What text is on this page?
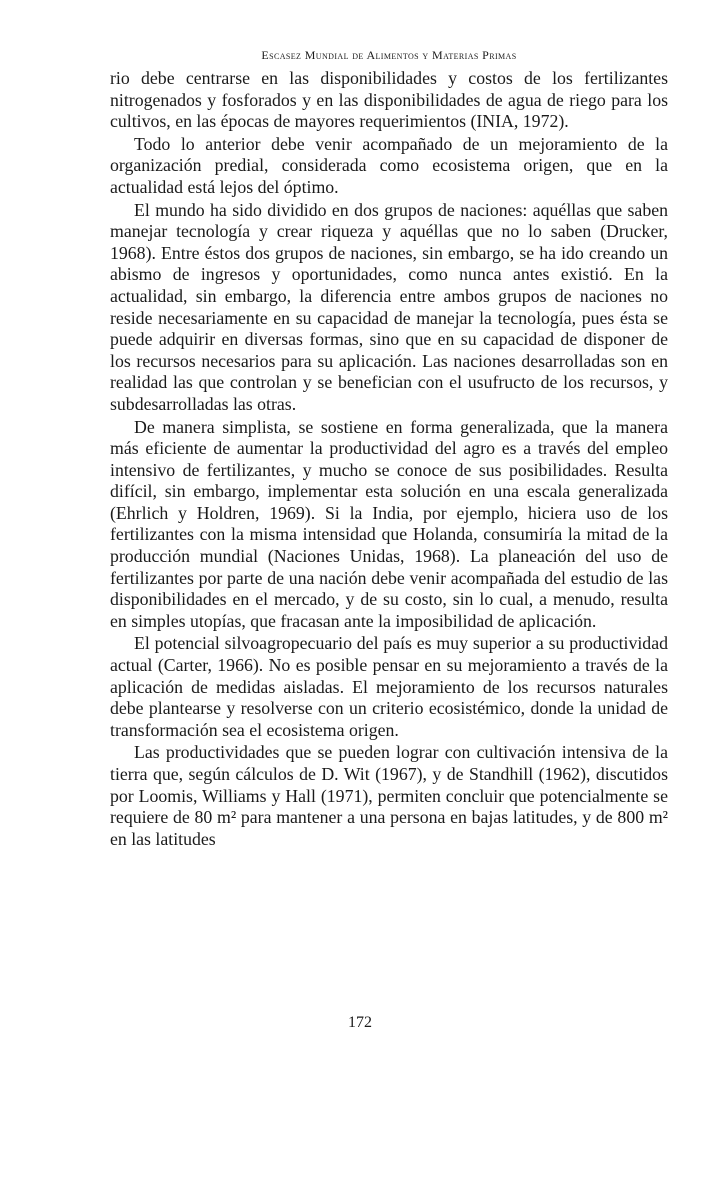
Escasez Mundial de Alimentos y Materias Primas

rio debe centrarse en las disponibilidades y costos de los fertilizantes nitrogenados y fosforados y en las disponibilidades de agua de riego para los cultivos, en las épocas de mayores requerimientos (INIA, 1972).

Todo lo anterior debe venir acompañado de un mejoramiento de la organización predial, considerada como ecosistema origen, que en la actualidad está lejos del óptimo.

El mundo ha sido dividido en dos grupos de naciones: aquéllas que saben manejar tecnología y crear riqueza y aquéllas que no lo saben (Drucker, 1968). Entre éstos dos grupos de naciones, sin embargo, se ha ido creando un abismo de ingresos y oportunidades, como nunca antes existió. En la actualidad, sin embargo, la diferencia entre ambos grupos de naciones no reside necesariamente en su capacidad de manejar la tecnología, pues ésta se puede adquirir en diversas formas, sino que en su capacidad de disponer de los recursos necesarios para su aplicación. Las naciones desarrolladas son en realidad las que controlan y se benefician con el usufructo de los recursos, y subdesarrolladas las otras.

De manera simplista, se sostiene en forma generalizada, que la manera más eficiente de aumentar la productividad del agro es a través del empleo intensivo de fertilizantes, y mucho se conoce de sus posibilidades. Resulta difícil, sin embargo, implementar esta solución en una escala generalizada (Ehrlich y Holdren, 1969). Si la India, por ejemplo, hiciera uso de los fertilizantes con la misma intensidad que Holanda, consumiría la mitad de la producción mundial (Naciones Unidas, 1968). La planeación del uso de fertilizantes por parte de una nación debe venir acompañada del estudio de las disponibilidades en el mercado, y de su costo, sin lo cual, a menudo, resulta en simples utopías, que fracasan ante la imposibilidad de aplicación.

El potencial silvoagropecuario del país es muy superior a su productividad actual (Carter, 1966). No es posible pensar en su mejoramiento a través de la aplicación de medidas aisladas. El mejoramiento de los recursos naturales debe plantearse y resolverse con un criterio ecosistémico, donde la unidad de transformación sea el ecosistema origen.

Las productividades que se pueden lograr con cultivación intensiva de la tierra que, según cálculos de D. Wit (1967), y de Standhill (1962), discutidos por Loomis, Williams y Hall (1971), permiten concluir que potencialmente se requiere de 80 m² para mantener a una persona en bajas latitudes, y de 800 m² en las latitudes

172
